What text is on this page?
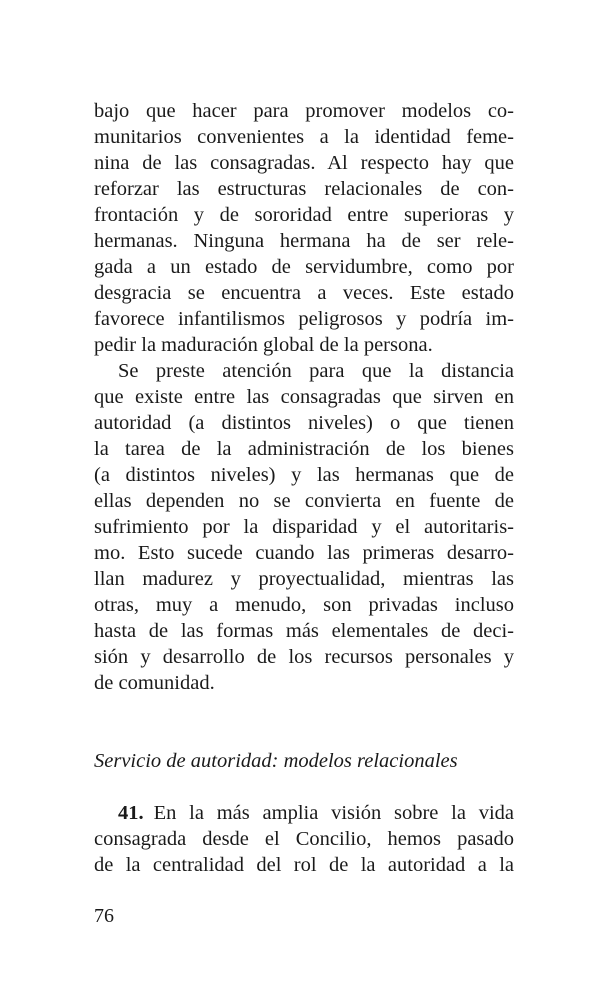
bajo que hacer para promover modelos co-
munitarios convenientes a la identidad feme-
nina de las consagradas. Al respecto hay que
reforzar las estructuras relacionales de con-
frontación y de sororidad entre superioras y
hermanas. Ninguna hermana ha de ser rele-
gada a un estado de servidumbre, como por
desgracia se encuentra a veces. Este estado
favorece infantilismos peligrosos y podría im-
pedir la maduración global de la persona.
Se preste atención para que la distancia
que existe entre las consagradas que sirven en
autoridad (a distintos niveles) o que tienen
la tarea de la administración de los bienes
(a distintos niveles) y las hermanas que de
ellas dependen no se convierta en fuente de
sufrimiento por la disparidad y el autoritaris-
mo. Esto sucede cuando las primeras desarro-
llan madurez y proyectualidad, mientras las
otras, muy a menudo, son privadas incluso
hasta de las formas más elementales de deci-
sión y desarrollo de los recursos personales y
de comunidad.
Servicio de autoridad: modelos relacionales
41. En la más amplia visión sobre la vida
consagrada desde el Concilio, hemos pasado
de la centralidad del rol de la autoridad a la
76
